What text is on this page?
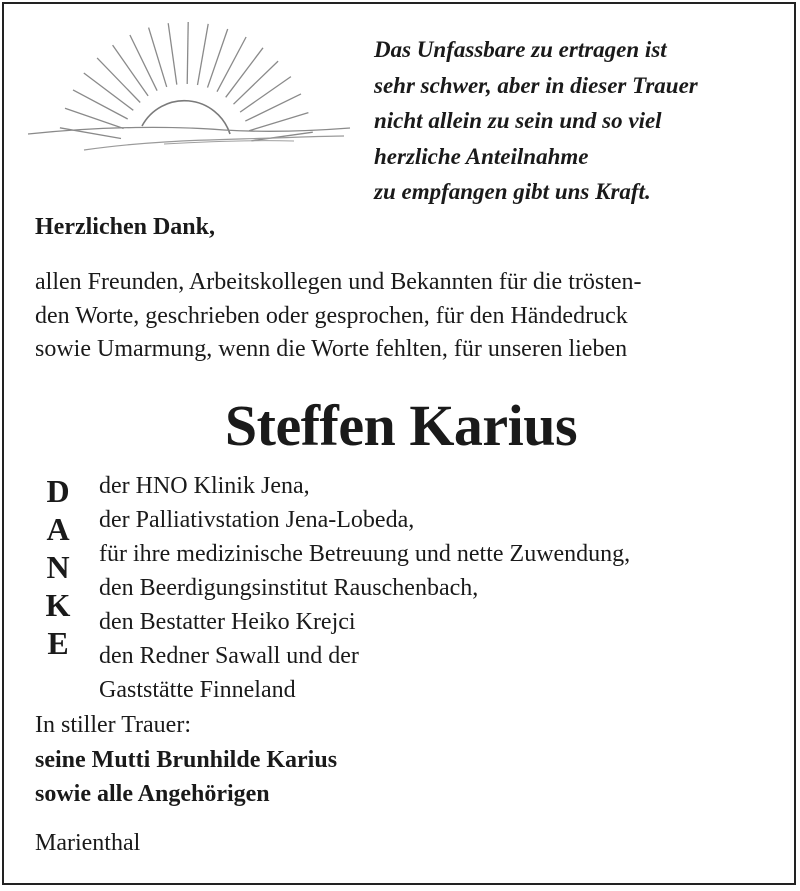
Das Unfassbare zu ertragen ist
sehr schwer, aber in dieser Trauer
nicht allein zu sein und so viel
herzliche Anteilnahme
zu empfangen gibt uns Kraft.

Herzlichen Dank,

allen Freunden, Arbeitskollegen und Bekannten für die trösten-
den Worte, geschrieben oder gesprochen, für den Händedruck
sowie Umarmung, wenn die Worte fehlten, für unseren lieben
Steffen Karius
D
A
N
K
E
der HNO Klinik Jena,
der Palliativstation Jena-Lobeda,
für ihre medizinische Betreuung und nette Zuwendung,
den Beerdigungsinstitut Rauschenbach,
den Bestatter Heiko Krejci
den Redner Sawall und der
Gaststätte Finneland
In stiller Trauer:
seine Mutti Brunhilde Karius
sowie alle Angehörigen

Marienthal
